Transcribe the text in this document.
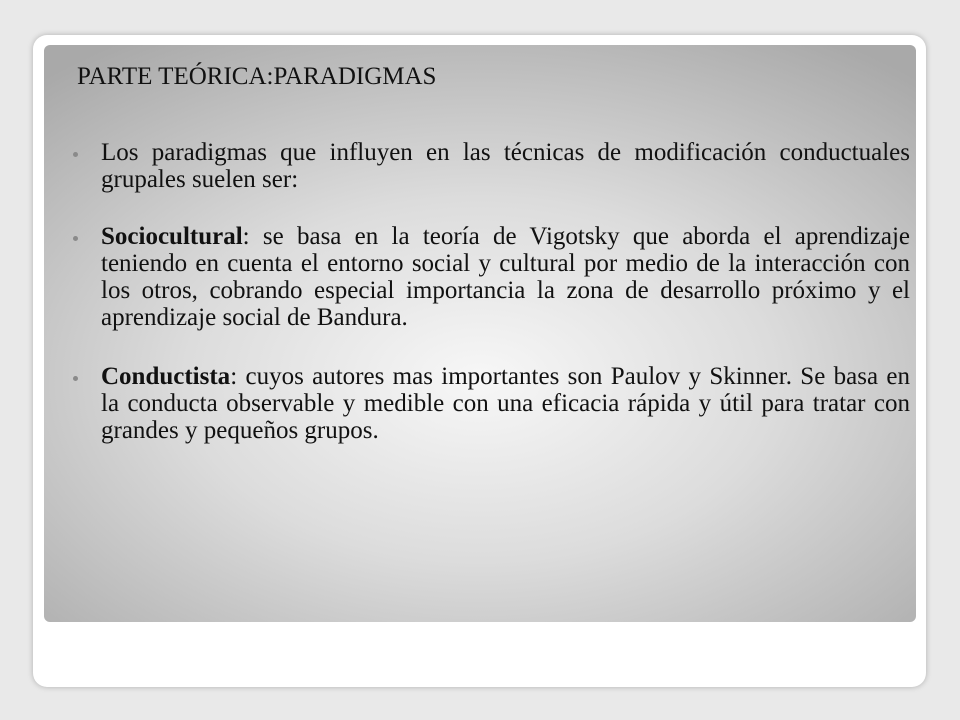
PARTE TEÓRICA:PARADIGMAS
Los paradigmas que influyen en las técnicas de modificación conductuales grupales suelen ser:
Sociocultural: se basa en la teoría de Vigotsky que aborda el aprendizaje teniendo en cuenta el entorno social y cultural por medio de la interacción con los otros, cobrando especial importancia la zona de desarrollo próximo y el aprendizaje social de Bandura.
Conductista: cuyos autores mas importantes son Paulov y Skinner. Se basa en la conducta observable y medible con una eficacia rápida y útil para tratar con grandes y pequeños grupos.
